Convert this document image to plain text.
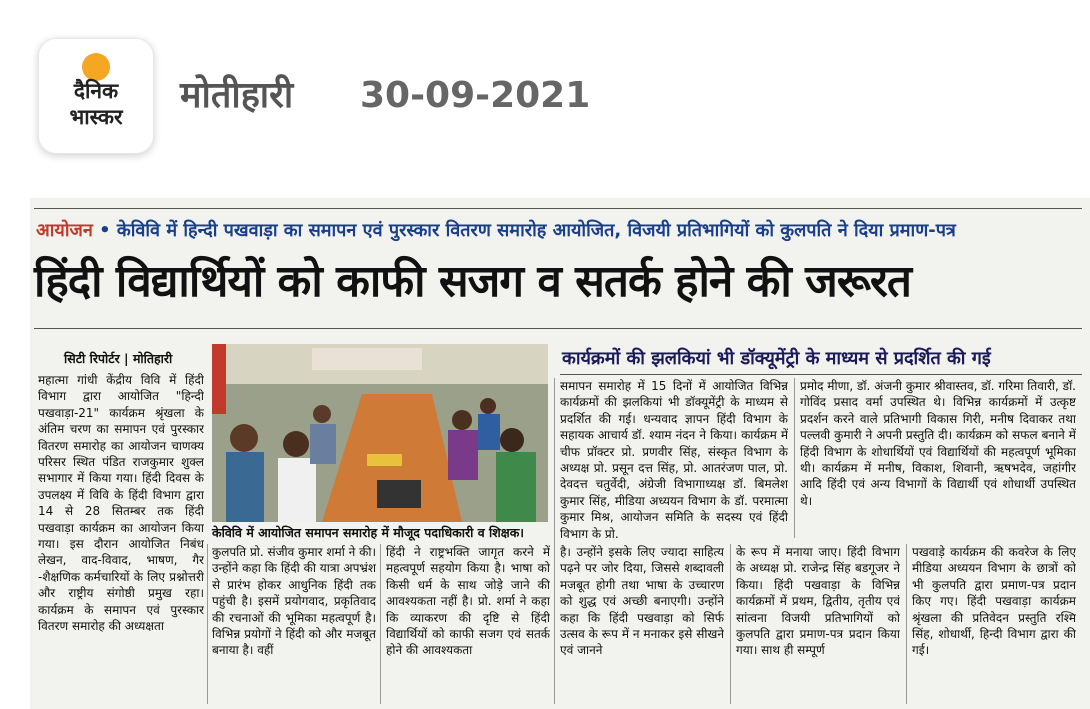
दैनिक
भास्कर
मोतीहारी 30-09-2021
आयोजन • केविवि में हिन्दी पखवाड़ा का समापन एवं पुरस्कार वितरण समारोह आयोजित, विजयी प्रतिभागियों को कुलपति ने दिया प्रमाण-पत्र
हिंदी विद्यार्थियों को काफी सजग व सतर्क होने की जरूरत
सिटी रिपोर्टर | मोतिहारी
केविवि में आयोजित समापन समारोह में मौजूद पदाधिकारी व शिक्षक।
कार्यक्रमों की झलकियां भी डॉक्यूमेंट्री के माध्यम से प्रदर्शित की गई

महात्मा गांधी केंद्रीय विवि में हिंदी विभाग द्वारा आयोजित "हिन्दी पखवाड़ा-21" कार्यक्रम श्रृंखला के अंतिम चरण का समापन एवं पुरस्कार वितरण समारोह का आयोजन चाणक्य परिसर स्थित पंडित राजकुमार शुक्ल सभागार में किया गया। हिंदी दिवस के उपलक्ष्य में विवि के हिंदी विभाग द्वारा 14 से 28 सितम्बर तक हिंदी पखवाड़ा कार्यक्रम का आयोजन किया गया। इस दौरान आयोजित निबंध लेखन, वाद-विवाद, भाषण, गैर -शैक्षणिक कर्मचारियों के लिए प्रश्नोत्तरी और राष्ट्रीय संगोष्ठी प्रमुख रहा। कार्यक्रम के समापन एवं पुरस्कार वितरण समारोह की अध्यक्षता

कुलपति प्रो. संजीव कुमार शर्मा ने की। उन्होंने कहा कि हिंदी की यात्रा अपभ्रंश से प्रारंभ होकर आधुनिक हिंदी तक पहुंची है। इसमें प्रयोगवाद, प्रकृतिवाद की रचनाओं की भूमिका महत्वपूर्ण है। विभिन्न प्रयोगों ने हिंदी को और मजबूत बनाया है। वहीं

हिंदी ने राष्ट्रभक्ति जागृत करने में महत्वपूर्ण सहयोग किया है। भाषा को किसी धर्म के साथ जोड़े जाने की आवश्यकता नहीं है। प्रो. शर्मा ने कहा कि व्याकरण की दृष्टि से हिंदी विद्यार्थियों को काफी सजग एवं सतर्क होने की आवश्यकता

समापन समारोह में 15 दिनों में आयोजित विभिन्न कार्यक्रमों की झलकियां भी डॉक्यूमेंट्री के माध्यम से प्रदर्शित की गई। धन्यवाद ज्ञापन हिंदी विभाग के सहायक आचार्य डॉ. श्याम नंदन ने किया। कार्यक्रम में चीफ प्रॉक्टर प्रो. प्रणवीर सिंह, संस्कृत विभाग के अध्यक्ष प्रो. प्रसून दत्त सिंह, प्रो. आतरंजण पाल, प्रो. देवदत्त चतुर्वेदी, अंग्रेजी विभागाध्यक्ष डॉ. बिमलेश कुमार सिंह, मीडिया अध्ययन विभाग के डॉ. परमात्मा कुमार मिश्र, आयोजन समिति के सदस्य एवं हिंदी विभाग के प्रो.

है। उन्होंने इसके लिए ज्यादा साहित्य पढ़ने पर जोर दिया, जिससे शब्दावली मजबूत होगी तथा भाषा के उच्चारण को शुद्ध एवं अच्छी बनाएगी। उन्होंने कहा कि हिंदी पखवाड़ा को सिर्फ उत्सव के रूप में न मनाकर इसे सीखने एवं जानने

प्रमोद मीणा, डॉ. अंजनी कुमार श्रीवास्तव, डॉ. गरिमा तिवारी, डॉ. गोविंद प्रसाद वर्मा उपस्थित थे। विभिन्न कार्यक्रमों में उत्कृष्ट प्रदर्शन करने वाले प्रतिभागी विकास गिरी, मनीष दिवाकर तथा पल्लवी कुमारी ने अपनी प्रस्तुति दी। कार्यक्रम को सफल बनाने में हिंदी विभाग के शोधार्थियों एवं विद्यार्थियों की महत्वपूर्ण भूमिका थी। कार्यक्रम में मनीष, विकाश, शिवानी, ऋषभदेव, जहांगीर आदि हिंदी एवं अन्य विभागों के विद्यार्थी एवं शोधार्थी उपस्थित थे।

के रूप में मनाया जाए। हिंदी विभाग के अध्यक्ष प्रो. राजेन्द्र सिंह बडगूजर ने किया। हिंदी पखवाड़ा के विभिन्न कार्यक्रमों में प्रथम, द्वितीय, तृतीय एवं सांत्वना विजयी प्रतिभागियों को कुलपति द्वारा प्रमाण-पत्र प्रदान किया गया। साथ ही सम्पूर्ण

पखवाड़े कार्यक्रम की कवरेज के लिए मीडिया अध्ययन विभाग के छात्रों को भी कुलपति द्वारा प्रमाण-पत्र प्रदान किए गए। हिंदी पखवाड़ा कार्यक्रम श्रृंखला की प्रतिवेदन प्रस्तुति रश्मि सिंह, शोधार्थी, हिन्दी विभाग द्वारा की गई।
